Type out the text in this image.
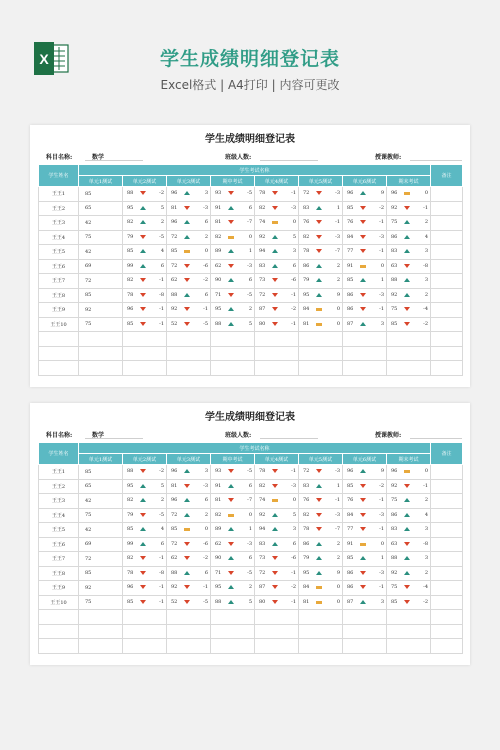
X	学生成绩明细登记表
Excel格式 | A4打印 | 内容可更改
学生成绩明细登记表
科目名称:	数学	班级人数:	授课教师:
学生姓名	学生考试名称								备注
	单元1测试	单元2测试	单元3测试	期中考试	单元4测试	单元5测试	单元6测试	期末考试	
王王1	85	88 -2	96 3	93 -5	78 -1	72 -3	96 9	96 0	

王王2	65	95 5	81 -3	91 6	82 -3	83 1	85 -2	92 -1	

王王3	42	82 2	96 6	81 -7	74 0	76 -1	76 -1	75 2	

王王4	75	79 -5	72 2	82 0	92 5	82 -3	84 -3	86 4	

王王5	42	85 4	85 0	89 1	94 3	78 -7	77 -1	83 3	

王王6	69	99 6	72 -6	62 -3	83 6	86 2	91 0	63 -8	

王王7	72	82 -1	62 -2	90 6	73 -6	79 2	85 1	88 3	

王王8	85	78 -8	88 6	71 -5	72 -1	95 9	86 -3	92 2	

王王9	92	96 -1	92 -1	95 2	87 -2	84 0	86 -1	75 -4	

王王10	75	85 -1	52 -5	88 5	80 -1	81 0	87 3	85 -2	

学生成绩明细登记表
科目名称:	数学	班级人数:	授课教师:
学生姓名	学生考试名称								备注
	单元1测试	单元2测试	单元3测试	期中考试	单元4测试	单元5测试	单元6测试	期末考试	
王王1	85	88 -2	96 3	93 -5	78 -1	72 -3	96 9	96 0	

王王2	65	95 5	81 -3	91 6	82 -3	83 1	85 -2	92 -1	

王王3	42	82 2	96 6	81 -7	74 0	76 -1	76 -1	75 2	

王王4	75	79 -5	72 2	82 0	92 5	82 -3	84 -3	86 4	

王王5	42	85 4	85 0	89 1	94 3	78 -7	77 -1	83 3	

王王6	69	99 6	72 -6	62 -3	83 6	86 2	91 0	63 -8	

王王7	72	82 -1	62 -2	90 6	73 -6	79 2	85 1	88 3	

王王8	85	78 -8	88 6	71 -5	72 -1	95 9	86 -3	92 2	

王王9	92	96 -1	92 -1	95 2	87 -2	84 0	86 -1	75 -4	

王王10	75	85 -1	52 -5	88 5	80 -1	81 0	87 3	85 -2	
